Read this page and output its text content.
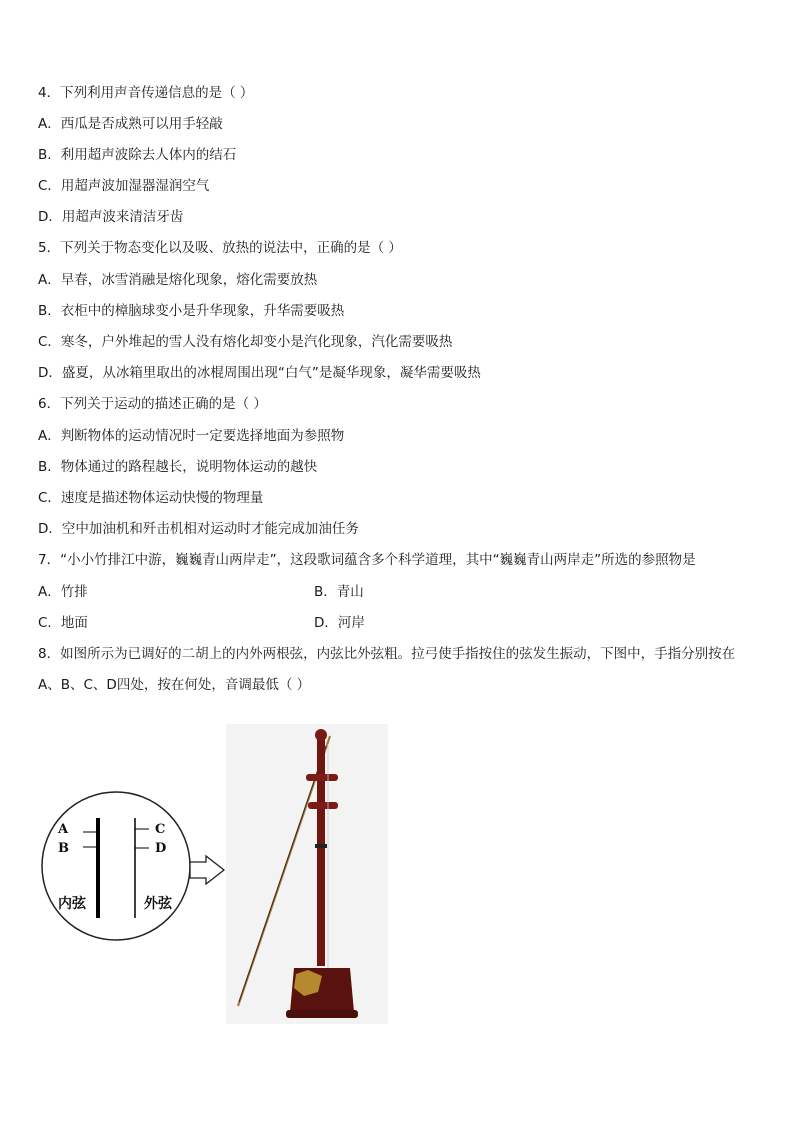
4．下列利用声音传递信息的是（ ）
A．西瓜是否成熟可以用手轻敲
B．利用超声波除去人体内的结石
C．用超声波加湿器湿润空气
D．用超声波来清洁牙齿
5．下列关于物态变化以及吸、放热的说法中，正确的是（ ）
A．早春，冰雪消融是熔化现象，熔化需要放热
B．衣柜中的樟脑球变小是升华现象，升华需要吸热
C．寒冬，户外堆起的雪人没有熔化却变小是汽化现象，汽化需要吸热
D．盛夏，从冰箱里取出的冰棍周围出现“白气”是凝华现象，凝华需要吸热
6．下列关于运动的描述正确的是（ ）
A．判断物体的运动情况时一定要选择地面为参照物
B．物体通过的路程越长，说明物体运动的越快
C．速度是描述物体运动快慢的物理量
D．空中加油机和歼击机相对运动时才能完成加油任务
7．“小小竹排江中游，巍巍青山两岸走”，这段歌词蕴含多个科学道理，其中“巍巍青山两岸走”所选的参照物是
A．竹排	B．青山
C．地面	D．河岸
8．如图所示为已调好的二胡上的内外两根弦，内弦比外弦粗。拉弓使手指按住的弦发生振动，下图中，手指分别按在
A、B、C、D四处，按在何处，音调最低（ ）
A
B
C
D
内弦	外弦
